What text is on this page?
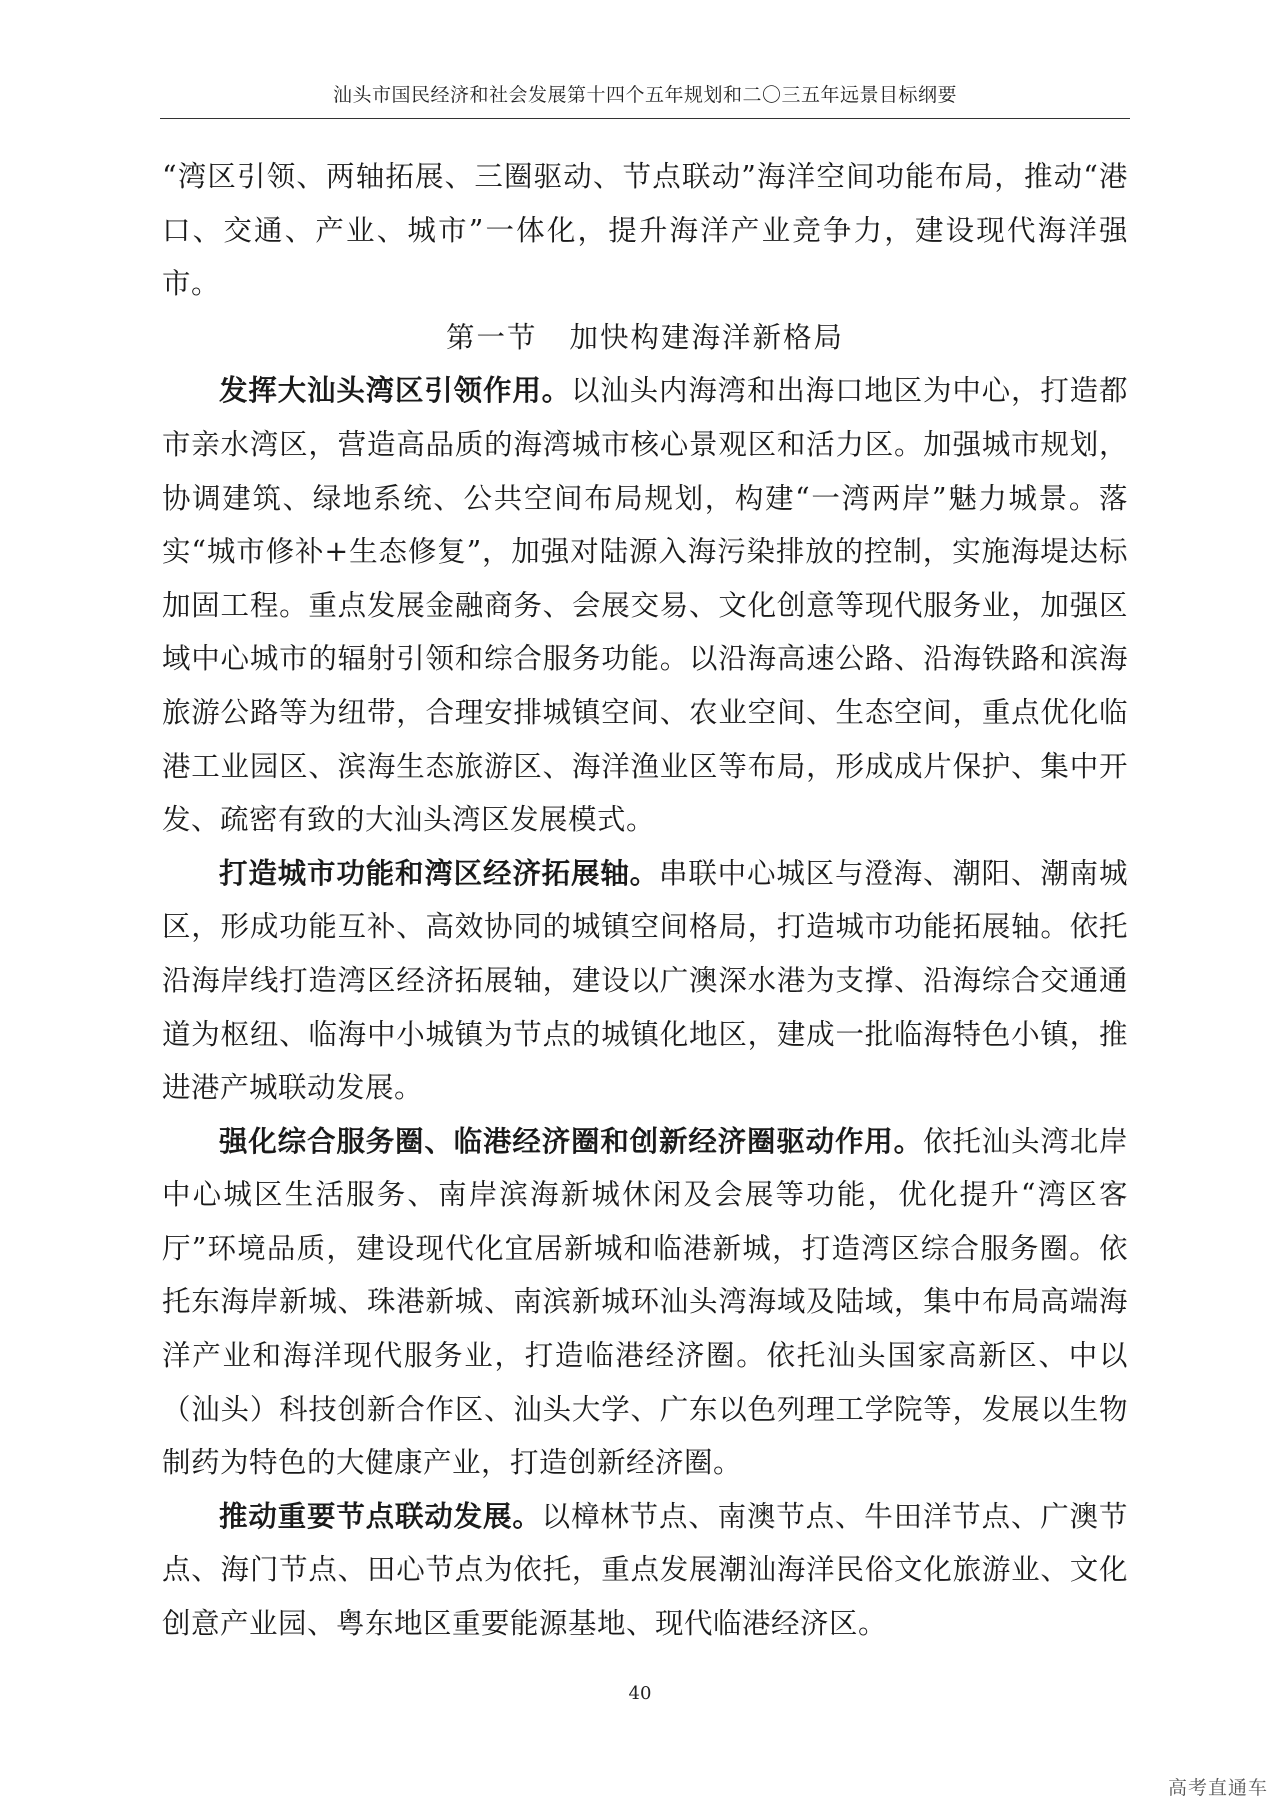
汕头市国民经济和社会发展第十四个五年规划和二〇三五年远景目标纲要

“湾区引领、两轴拓展、三圈驱动、节点联动”海洋空间功能布局，推动“港口、交通、产业、城市”一体化，提升海洋产业竞争力，建设现代海洋强市。

第一节 加快构建海洋新格局

发挥大汕头湾区引领作用。以汕头内海湾和出海口地区为中心，打造都市亲水湾区，营造高品质的海湾城市核心景观区和活力区。加强城市规划，协调建筑、绿地系统、公共空间布局规划，构建“一湾两岸”魅力城景。落实“城市修补+生态修复”，加强对陆源入海污染排放的控制，实施海堤达标加固工程。重点发展金融商务、会展交易、文化创意等现代服务业，加强区域中心城市的辐射引领和综合服务功能。以沿海高速公路、沿海铁路和滨海旅游公路等为纽带，合理安排城镇空间、农业空间、生态空间，重点优化临港工业园区、滨海生态旅游区、海洋渔业区等布局，形成成片保护、集中开发、疏密有致的大汕头湾区发展模式。

打造城市功能和湾区经济拓展轴。串联中心城区与澄海、潮阳、潮南城区，形成功能互补、高效协同的城镇空间格局，打造城市功能拓展轴。依托沿海岸线打造湾区经济拓展轴，建设以广澳深水港为支撑、沿海综合交通通道为枢纽、临海中小城镇为节点的城镇化地区，建成一批临海特色小镇，推进港产城联动发展。

强化综合服务圈、临港经济圈和创新经济圈驱动作用。依托汕头湾北岸中心城区生活服务、南岸滨海新城休闲及会展等功能，优化提升“湾区客厅”环境品质，建设现代化宜居新城和临港新城，打造湾区综合服务圈。依托东海岸新城、珠港新城、南滨新城环汕头湾海域及陆域，集中布局高端海洋产业和海洋现代服务业，打造临港经济圈。依托汕头国家高新区、中以（汕头）科技创新合作区、汕头大学、广东以色列理工学院等，发展以生物制药为特色的大健康产业，打造创新经济圈。

推动重要节点联动发展。以樟林节点、南澳节点、牛田洋节点、广澳节点、海门节点、田心节点为依托，重点发展潮汕海洋民俗文化旅游业、文化创意产业园、粤东地区重要能源基地、现代临港经济区。

40
高考直通车
